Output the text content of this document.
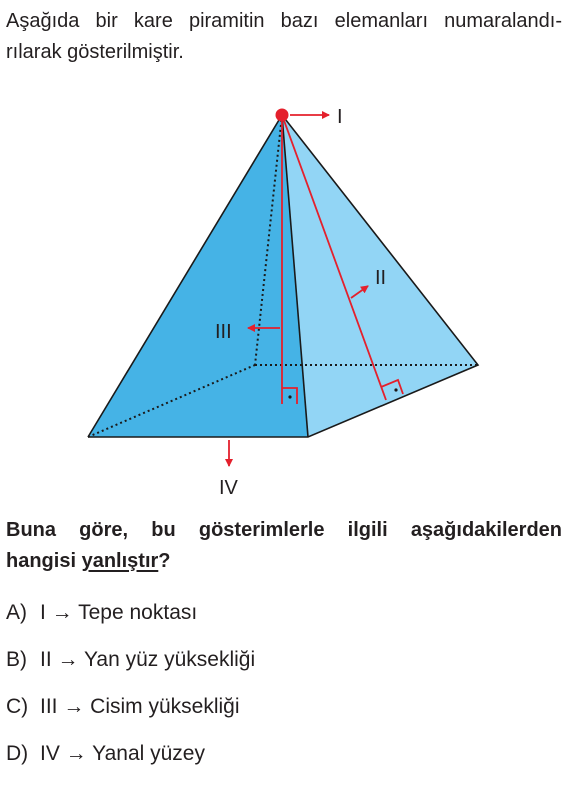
Aşağıda bir kare piramitin bazı elemanları numaralandı-
rılarak gösterilmiştir.

III
II
I
IV

Buna göre, bu gösterimlerle ilgili aşağıdakilerden
hangisi yanlıştır?

A) I → Tepe noktası
B) II → Yan yüz yüksekliği
C) III → Cisim yüksekliği
D) IV → Yanal yüzey
